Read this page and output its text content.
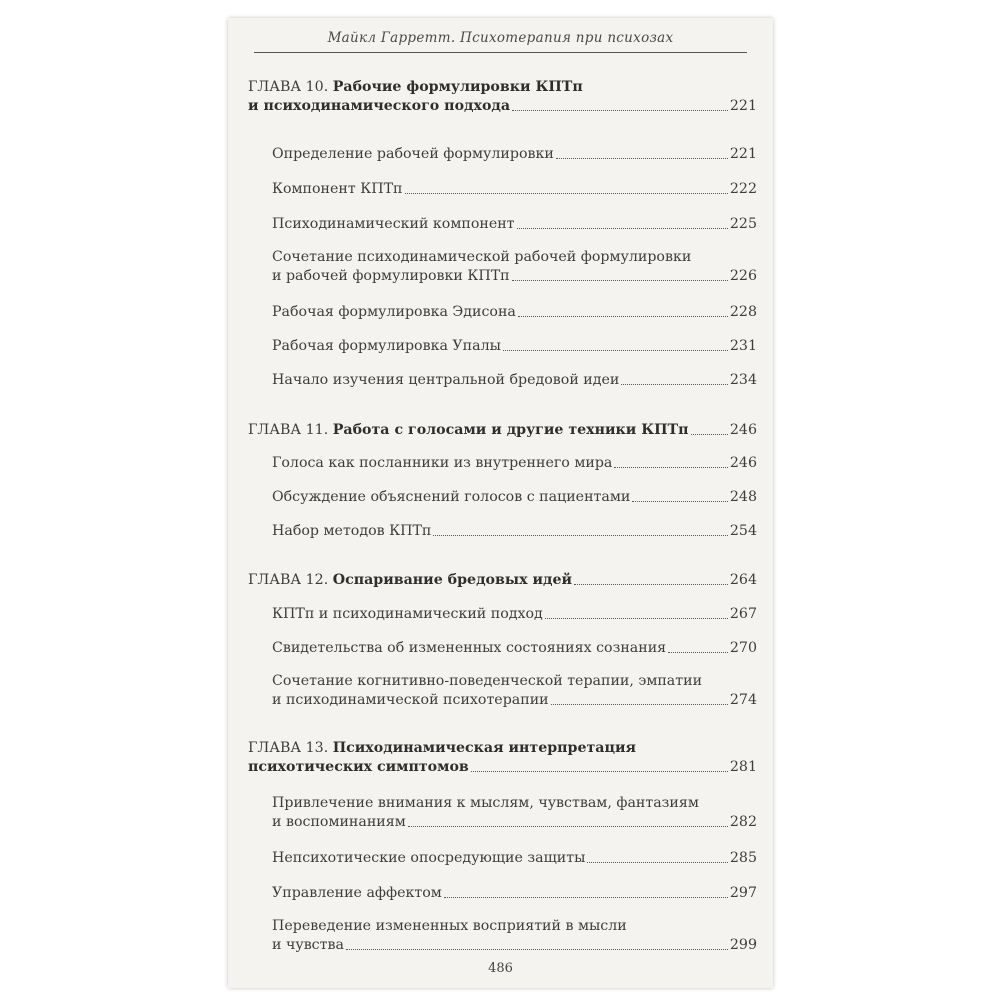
Майкл Гарретт. Психотерапия при психозах
ГЛАВА 10. Рабочие формулировки КПТп
и психодинамического подхода	221
Определение рабочей формулировки	221
Компонент КПТп	222
Психодинамический компонент	225
Сочетание психодинамической рабочей формулировки
и рабочей формулировки КПТп	226
Рабочая формулировка Эдисона	228
Рабочая формулировка Упалы	231
Начало изучения центральной бредовой идеи	234
ГЛАВА 11. Работа с голосами и другие техники КПТп	246
Голоса как посланники из внутреннего мира	246
Обсуждение объяснений голосов с пациентами	248
Набор методов КПТп	254
ГЛАВА 12. Оспаривание бредовых идей	264
КПТп и психодинамический подход	267
Свидетельства об измененных состояниях сознания	270
Сочетание когнитивно-поведенческой терапии, эмпатии
и психодинамической психотерапии	274
ГЛАВА 13. Психодинамическая интерпретация
психотических симптомов	281
Привлечение внимания к мыслям, чувствам, фантазиям
и воспоминаниям	282
Непсихотические опосредующие защиты	285
Управление аффектом	297
Переведение измененных восприятий в мысли
и чувства	299
486
